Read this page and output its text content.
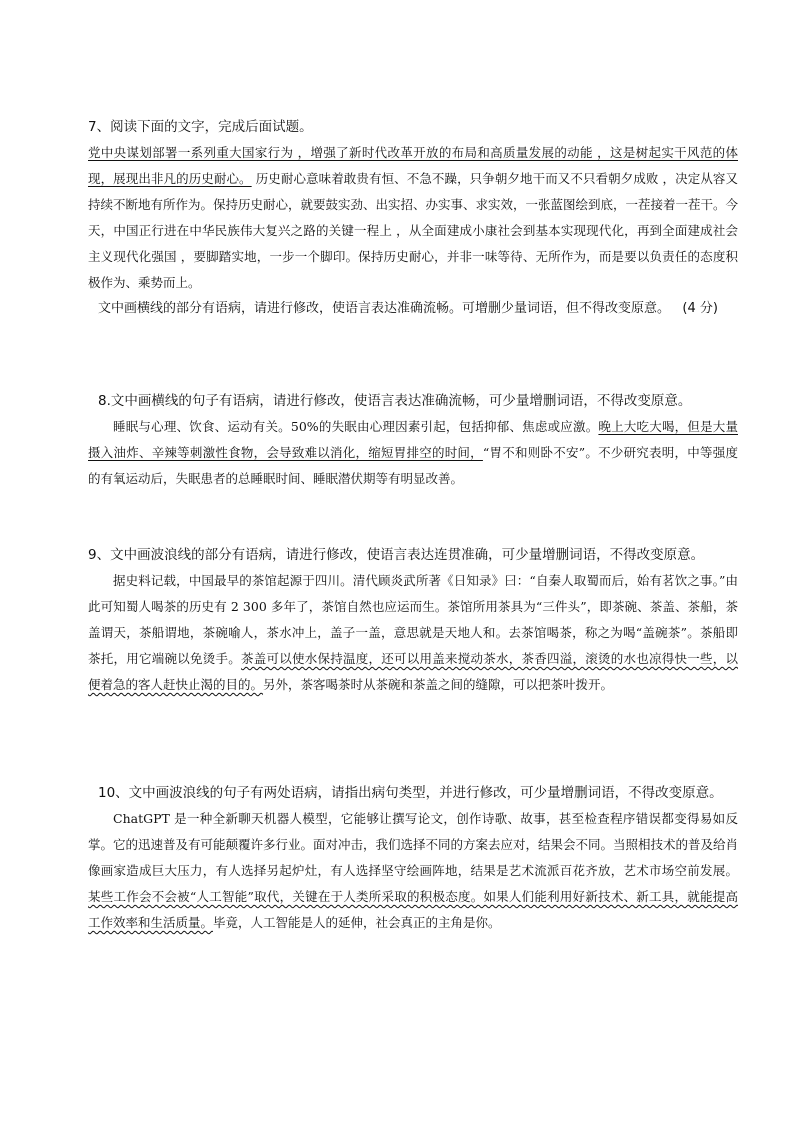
7、阅读下面的文字，完成后面试题。
党中央谋划部署一系列重大国家行为 ，增强了新时代改革开放的布局和高质量发展的动能 ，这是树起实干风范的体现，展现出非凡的历史耐心。 历史耐心意味着敢贵有恒、不急不躁，只争朝夕地干而又不只看朝夕成败 ，决定从容又持续不断地有所作为。保持历史耐心，就要鼓实劲、出实招、办实事、求实效，一张蓝图绘到底，一茬接着一茬干。今天，中国正行进在中华民族伟大复兴之路的关键一程上 ，从全面建成小康社会到基本实现现代化，再到全面建成社会主义现代化强国 ，要脚踏实地，一步一个脚印。保持历史耐心，并非一味等待、无所作为，而是要以负责任的态度积极作为、乘势而上。
文中画横线的部分有语病，请进行修改，使语言表达准确流畅。可增删少量词语，但不得改变原意。 (4 分)
8.文中画横线的句子有语病，请进行修改，使语言表达准确流畅，可少量增删词语，不得改变原意。
睡眠与心理、饮食、运动有关。50%的失眠由心理因素引起，包括抑郁、焦虑或应激。晚上大吃大喝，但是大量摄入油炸、辛辣等刺激性食物，会导致难以消化，缩短胃排空的时间，“胃不和则卧不安”。不少研究表明，中等强度的有氧运动后，失眠患者的总睡眠时间、睡眠潜伏期等有明显改善。
9、文中画波浪线的部分有语病，请进行修改，使语言表达连贯准确，可少量增删词语，不得改变原意。
据史料记载，中国最早的茶馆起源于四川。清代顾炎武所著《日知录》曰：“自秦人取蜀而后，始有茗饮之事。”由此可知蜀人喝茶的历史有 2 300 多年了，茶馆自然也应运而生。茶馆所用茶具为“三件头”，即茶碗、茶盖、茶船，茶盖谓天，茶船谓地，茶碗喻人，茶水冲上，盖子一盖，意思就是天地人和。去茶馆喝茶，称之为喝“盖碗茶”。茶船即茶托，用它端碗以免烫手。茶盖可以使水保持温度，还可以用盖来搅动茶水，茶香四溢，滚烫的水也凉得快一些，以便着急的客人赶快止渴的目的。另外，茶客喝茶时从茶碗和茶盖之间的缝隙，可以把茶叶拨开。
10、文中画波浪线的句子有两处语病，请指出病句类型，并进行修改，可少量增删词语，不得改变原意。
ChatGPT 是一种全新聊天机器人模型，它能够让撰写论文，创作诗歌、故事，甚至检查程序错误都变得易如反掌。它的迅速普及有可能颠覆许多行业。面对冲击，我们选择不同的方案去应对，结果会不同。当照相技术的普及给肖像画家造成巨大压力，有人选择另起炉灶，有人选择坚守绘画阵地，结果是艺术流派百花齐放，艺术市场空前发展。某些工作会不会被“人工智能”取代，关键在于人类所采取的积极态度。如果人们能利用好新技术、新工具，就能提高工作效率和生活质量。毕竟，人工智能是人的延伸，社会真正的主角是你。
